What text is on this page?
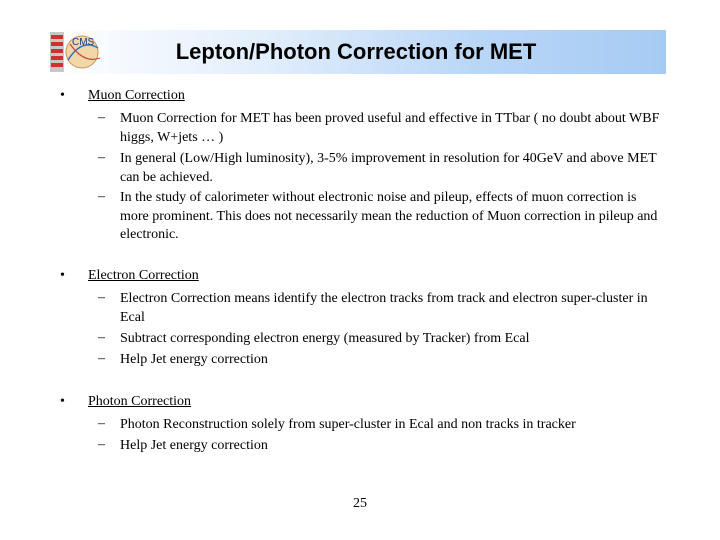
CMS	Lepton/Photon Correction for MET
• Muon Correction
– Muon Correction for MET has been proved useful and effective in TTbar ( no doubt about WBF higgs, W+jets … )
– In general (Low/High luminosity), 3-5% improvement in resolution for 40GeV and above MET can be achieved.
– In the study of calorimeter without electronic noise and pileup, effects of muon correction is more prominent. This does not necessarily mean the reduction of Muon correction in pileup and electronic.
• Electron Correction
– Electron Correction means identify the electron tracks from track and electron super-cluster in Ecal
– Subtract corresponding electron energy (measured by Tracker) from Ecal
– Help Jet energy correction
• Photon Correction
– Photon Reconstruction solely from super-cluster in Ecal and non tracks in tracker
– Help Jet energy correction
25
